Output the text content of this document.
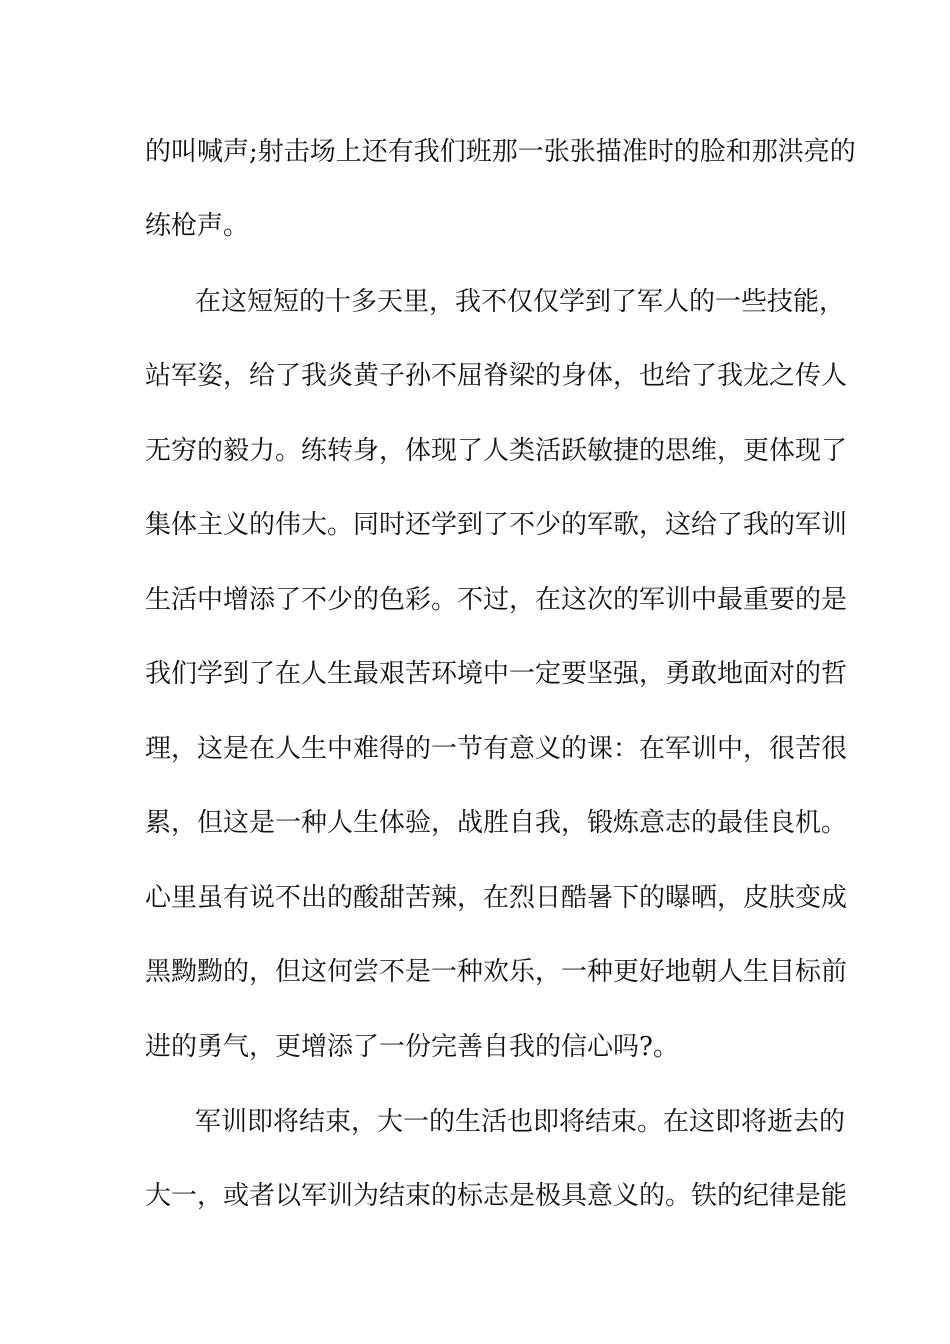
的叫喊声;射击场上还有我们班那一张张描准时的脸和那洪亮的
练枪声。
在这短短的十多天里，我不仅仅学到了军人的一些技能，
站军姿，给了我炎黄子孙不屈脊梁的身体，也给了我龙之传人
无穷的毅力。练转身，体现了人类活跃敏捷的思维，更体现了
集体主义的伟大。同时还学到了不少的军歌，这给了我的军训
生活中增添了不少的色彩。不过，在这次的军训中最重要的是
我们学到了在人生最艰苦环境中一定要坚强，勇敢地面对的哲
理，这是在人生中难得的一节有意义的课：在军训中，很苦很
累，但这是一种人生体验，战胜自我，锻炼意志的最佳良机。
心里虽有说不出的酸甜苦辣，在烈日酷暑下的曝晒，皮肤变成
黑黝黝的，但这何尝不是一种欢乐，一种更好地朝人生目标前
进的勇气，更增添了一份完善自我的信心吗?。
军训即将结束，大一的生活也即将结束。在这即将逝去的
大一，或者以军训为结束的标志是极具意义的。铁的纪律是能
